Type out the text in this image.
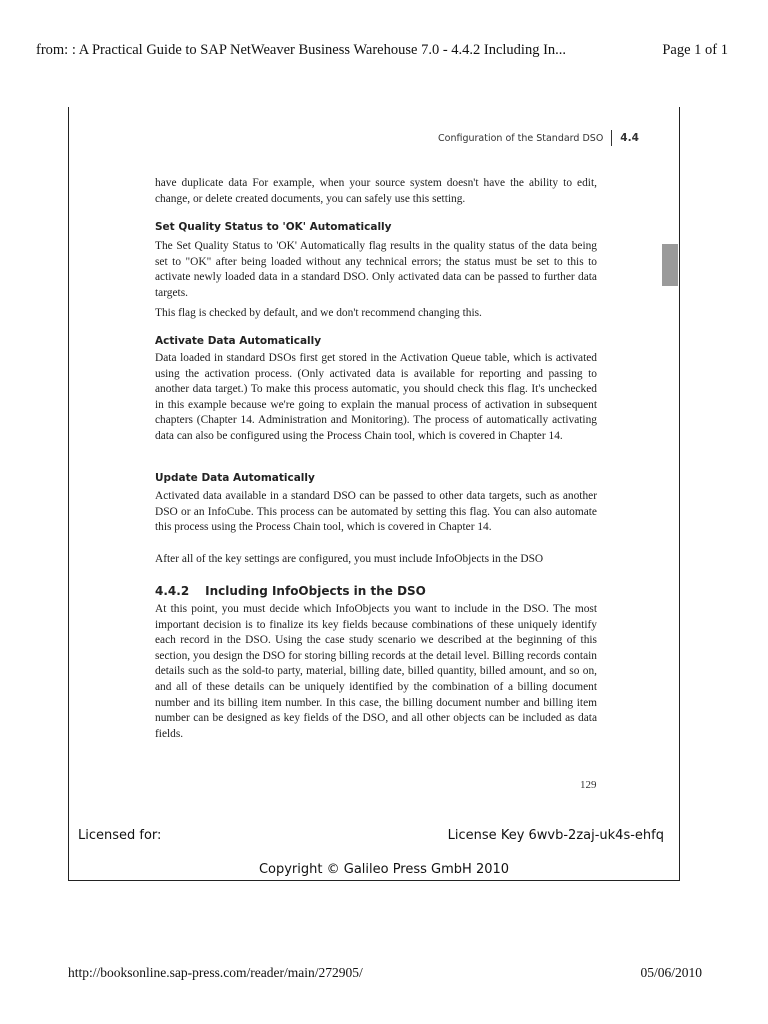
from: : A Practical Guide to SAP NetWeaver Business Warehouse 7.0 - 4.4.2 Including In...	Page 1 of 1
Configuration of the Standard DSO 4.4

have duplicate data For example, when your source system doesn't have the ability to edit, change, or delete created documents, you can safely use this setting.

Set Quality Status to 'OK' Automatically

The Set Quality Status to 'OK' Automatically flag results in the quality status of the data being set to "OK" after being loaded without any technical errors; the status must be set to this to activate newly loaded data in a standard DSO. Only activated data can be passed to further data targets.

This flag is checked by default, and we don't recommend changing this.

Activate Data Automatically

Data loaded in standard DSOs first get stored in the Activation Queue table, which is activated using the activation process. (Only activated data is available for reporting and passing to another data target.) To make this process automatic, you should check this flag. It's unchecked in this example because we're going to explain the manual process of activation in subsequent chapters (Chapter 14. Administration and Monitoring). The process of automatically activating data can also be configured using the Process Chain tool, which is covered in Chapter 14.

Update Data Automatically

Activated data available in a standard DSO can be passed to other data targets, such as another DSO or an InfoCube. This process can be automated by setting this flag. You can also automate this process using the Process Chain tool, which is covered in Chapter 14.

After all of the key settings are configured, you must include InfoObjects in the DSO

4.4.2 Including InfoObjects in the DSO

At this point, you must decide which InfoObjects you want to include in the DSO. The most important decision is to finalize its key fields because combinations of these uniquely identify each record in the DSO. Using the case study scenario we described at the beginning of this section, you design the DSO for storing billing records at the detail level. Billing records contain details such as the sold-to party, material, billing date, billed quantity, billed amount, and so on, and all of these details can be uniquely identified by the combination of a billing document number and its billing item number. In this case, the billing document number and billing item number can be designed as key fields of the DSO, and all other objects can be included as data fields.

129
Licensed for:	License Key 6wvb-2zaj-uk4s-ehfq
Copyright © Galileo Press GmbH 2010
http://booksonline.sap-press.com/reader/main/272905/	05/06/2010
